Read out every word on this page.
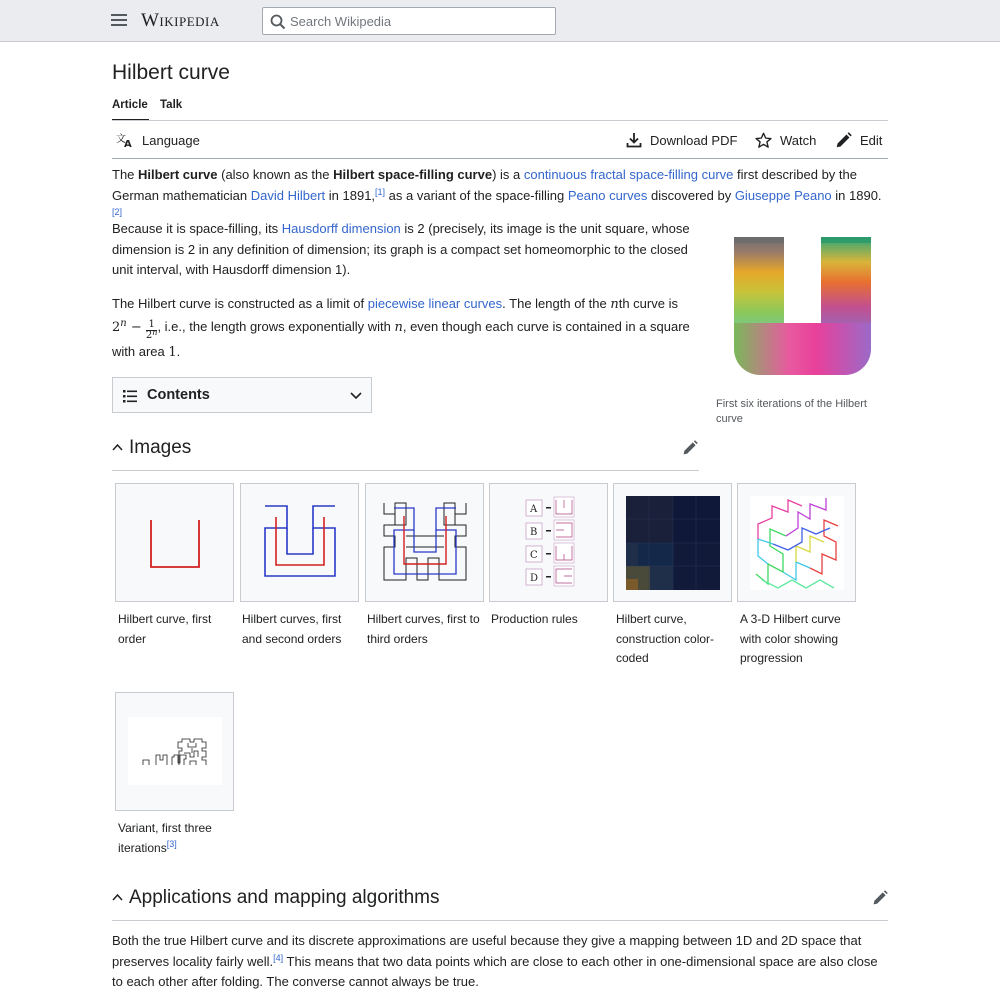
Wikipedia
Search Wikipedia
Hilbert curve
Article Talk
文
A Language	Download PDF	Watch	Edit

The Hilbert curve (also known as the Hilbert space-filling curve) is a continuous fractal space-filling curve first described by the German mathematician David Hilbert in 1891,[1] as a variant of the space-filling Peano curves discovered by Giuseppe Peano in 1890.[2]

Because it is space-filling, its Hausdorff dimension is 2 (precisely, its image is the unit square, whose dimension is 2 in any definition of dimension; its graph is a compact set homeomorphic to the closed unit interval, with Hausdorff dimension 1).

The Hilbert curve is constructed as a limit of piecewise linear curves. The length of the nth curve is
$2^n - \frac{1}{2^n}$ , i.e., the length grows exponentially with n, even though each curve is contained in a square with area 1.

First six iterations of the Hilbert curve
Contents
Images
Hilbert curve, first order
Hilbert curves, first and second orders
Hilbert curves, first to third orders
A
B
C
D
Production rules	Hilbert curve, construction color-coded
A 3-D Hilbert curve with color showing progression
Variant, first three iterations[3]
Applications and mapping algorithms

Both the true Hilbert curve and its discrete approximations are useful because they give a mapping between 1D and 2D space that preserves locality fairly well.[4] This means that two data points which are close to each other in one-dimensional space are also close to each other after folding. The converse cannot always be true.
